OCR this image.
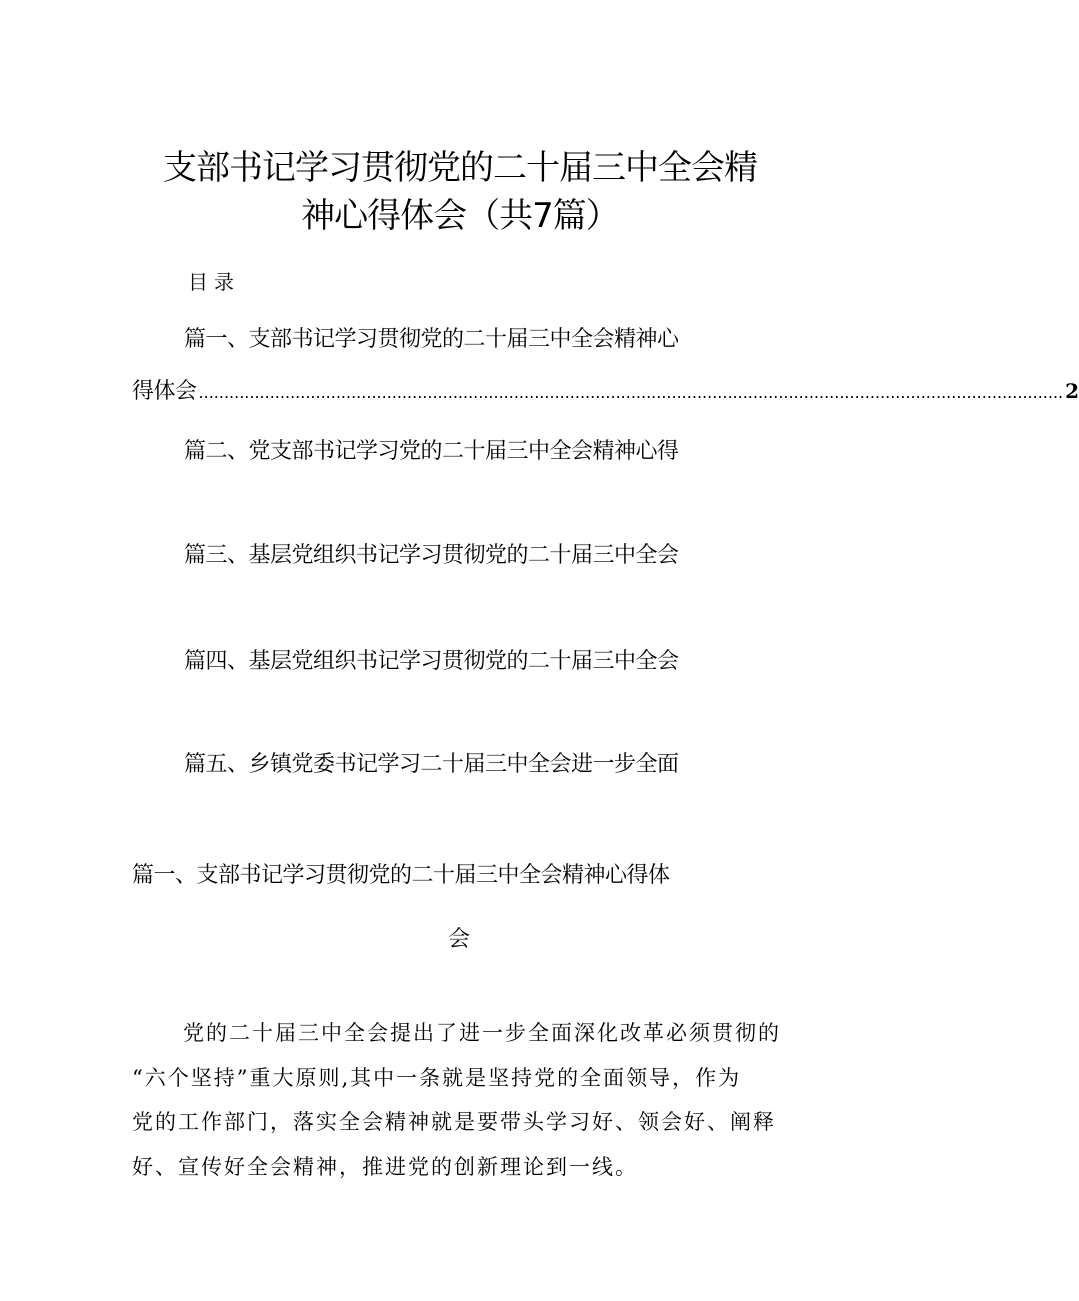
支部书记学习贯彻党的二十届三中全会精
神心得体会（共7篇）
目录
篇一、支部书记学习贯彻党的二十届三中全会精神心
得体会 .......................................................................................................................................................................... 2
篇二、党支部书记学习党的二十届三中全会精神心得
篇三、基层党组织书记学习贯彻党的二十届三中全会
篇四、基层党组织书记学习贯彻党的二十届三中全会
篇五、乡镇党委书记学习二十届三中全会进一步全面
篇一、支部书记学习贯彻党的二十届三中全会精神心得体
会
党的二十届三中全会提出了进一步全面深化改革必须贯彻的
“六个坚持”重大原则,其中一条就是坚持党的全面领导，作为
党的工作部门，落实全会精神就是要带头学习好、领会好、阐释
好、宣传好全会精神，推进党的创新理论到一线。
